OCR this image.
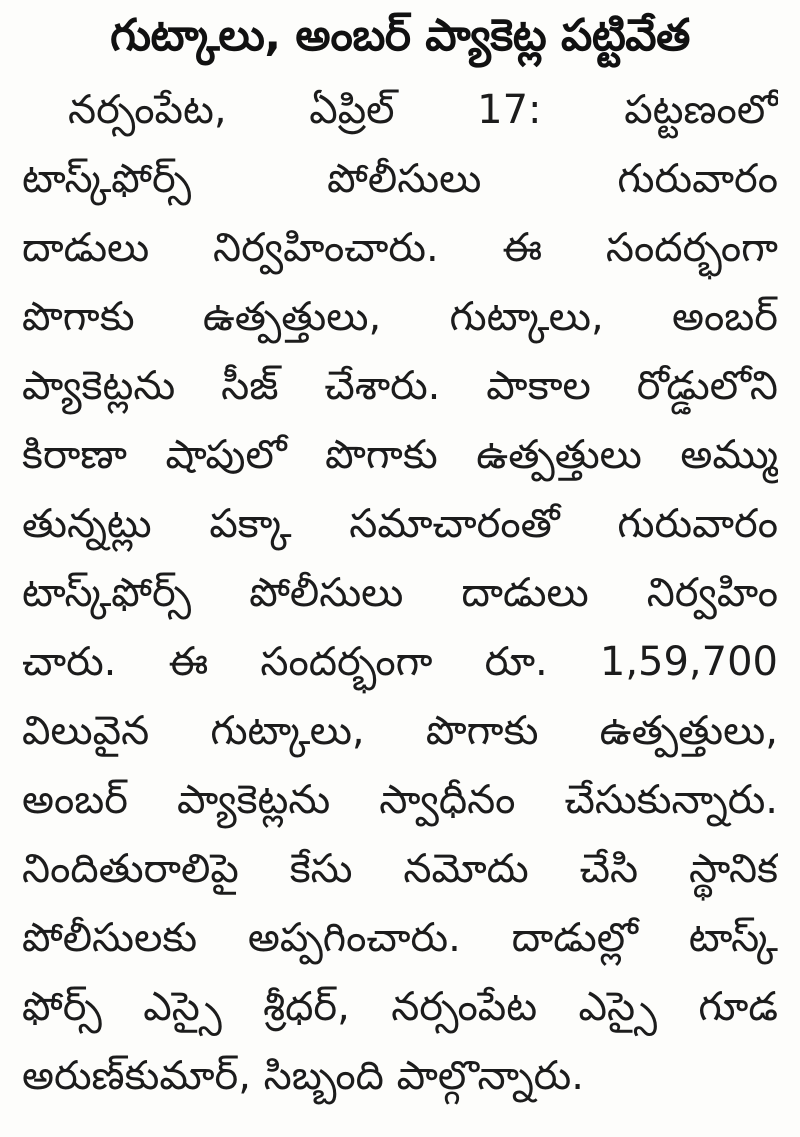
గుట్కాలు, అంబర్ ప్యాకెట్ల పట్టివేత
నర్సంపేట, ఏప్రిల్ 17: పట్టణంలో
టాస్క్‌ఫోర్స్ పోలీసులు గురువారం
దాడులు నిర్వహించారు. ఈ సందర్భంగా
పొగాకు ఉత్పత్తులు, గుట్కాలు, అంబర్
ప్యాకెట్లను సీజ్ చేశారు. పాకాల రోడ్డులోని
కిరాణా షాపులో పొగాకు ఉత్పత్తులు అమ్ము
తున్నట్లు పక్కా సమాచారంతో గురువారం
టాస్క్‌ఫోర్స్ పోలీసులు దాడులు నిర్వహిం
చారు. ఈ సందర్భంగా రూ. 1,59,700
విలువైన గుట్కాలు, పొగాకు ఉత్పత్తులు,
అంబర్ ప్యాకెట్లను స్వాధీనం చేసుకున్నారు.
నిందితురాలిపై కేసు నమోదు చేసి స్థానిక
పోలీసులకు అప్పగించారు. దాడుల్లో టాస్క్
ఫోర్స్ ఎస్సై శ్రీధర్, నర్సంపేట ఎస్సై గూడ
అరుణ్‌కుమార్, సిబ్బంది పాల్గొన్నారు.
